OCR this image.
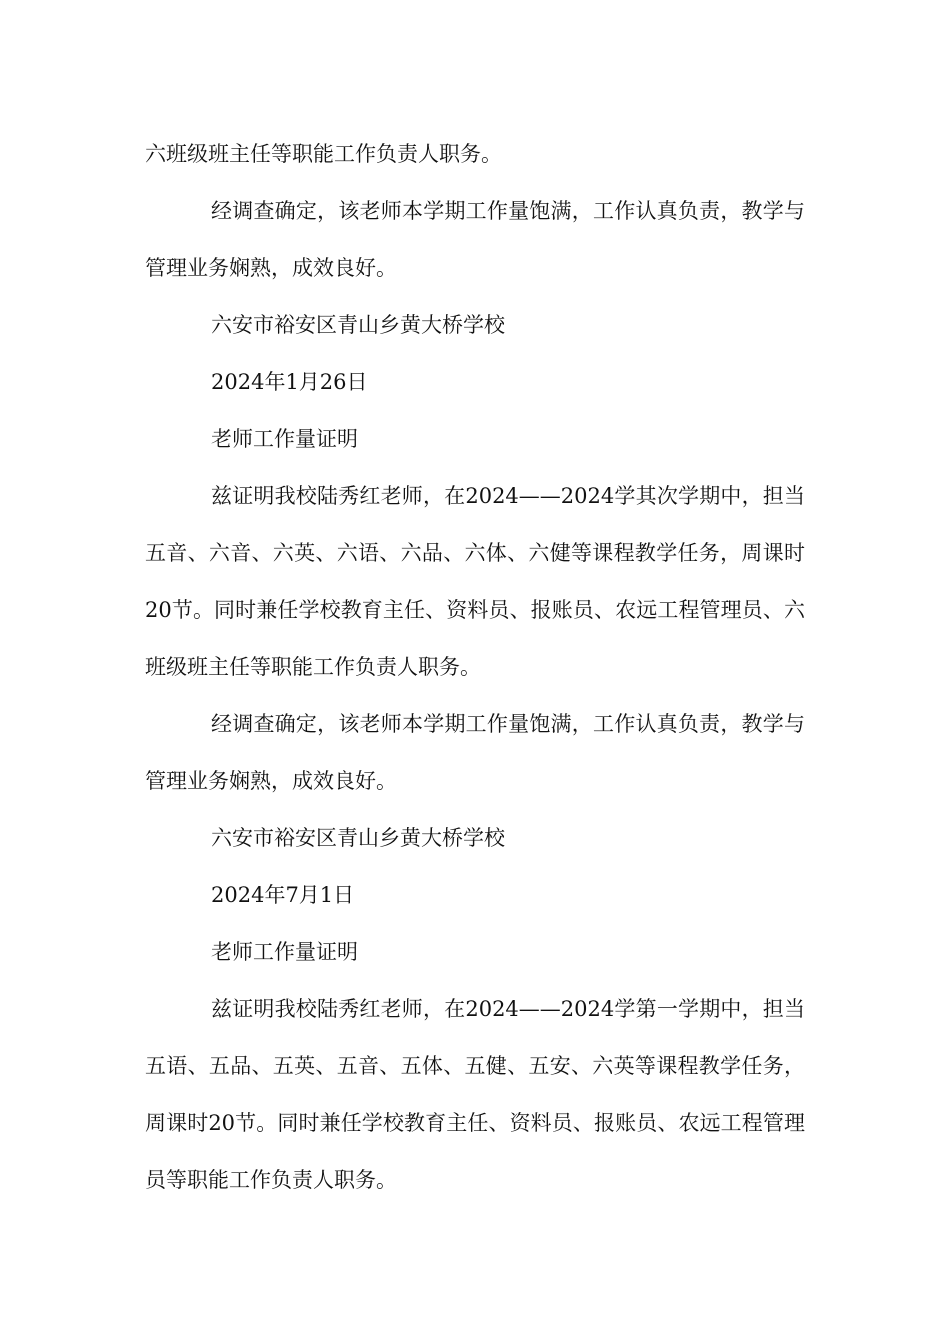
六班级班主任等职能工作负责人职务。

经调查确定，该老师本学期工作量饱满，工作认真负责，教学与管理业务娴熟，成效良好。

六安市裕安区青山乡黄大桥学校

2024年1月26日

老师工作量证明

兹证明我校陆秀红老师，在2024——2024学其次学期中，担当五音、六音、六英、六语、六品、六体、六健等课程教学任务，周课时20节。同时兼任学校教育主任、资料员、报账员、农远工程管理员、六班级班主任等职能工作负责人职务。

经调查确定，该老师本学期工作量饱满，工作认真负责，教学与管理业务娴熟，成效良好。

六安市裕安区青山乡黄大桥学校

2024年7月1日

老师工作量证明

兹证明我校陆秀红老师，在2024——2024学第一学期中，担当五语、五品、五英、五音、五体、五健、五安、六英等课程教学任务，周课时20节。同时兼任学校教育主任、资料员、报账员、农远工程管理员等职能工作负责人职务。
